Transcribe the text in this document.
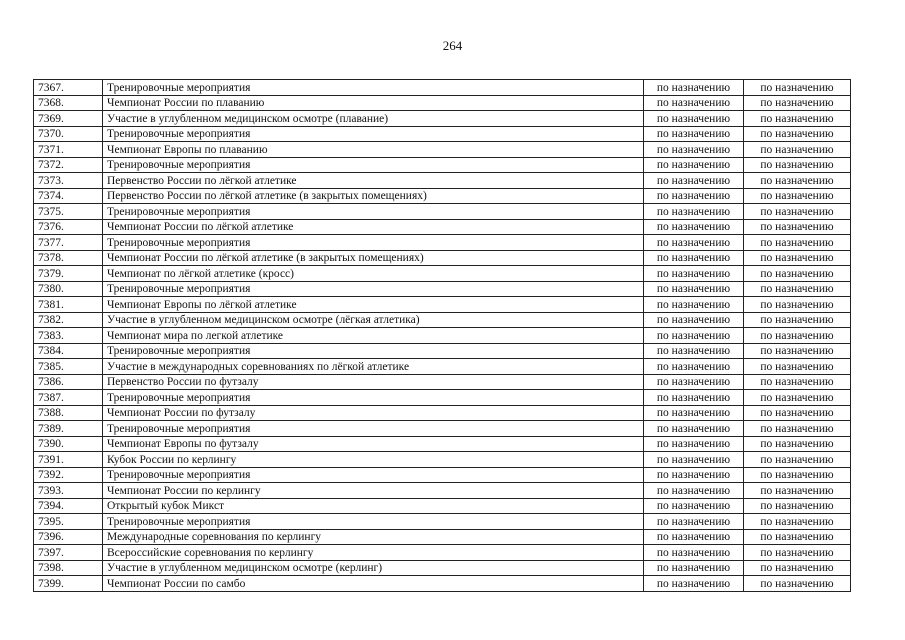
264
7367.	Тренировочные мероприятия	по назначению	по назначению
7368.	Чемпионат России по плаванию	по назначению	по назначению
7369.	Участие в углубленном медицинском осмотре (плавание)	по назначению	по назначению
7370.	Тренировочные мероприятия	по назначению	по назначению
7371.	Чемпионат Европы по плаванию	по назначению	по назначению
7372.	Тренировочные мероприятия	по назначению	по назначению
7373.	Первенство России по лёгкой атлетике	по назначению	по назначению
7374.	Первенство России по лёгкой атлетике (в закрытых помещениях)	по назначению	по назначению
7375.	Тренировочные мероприятия	по назначению	по назначению
7376.	Чемпионат России по лёгкой атлетике	по назначению	по назначению
7377.	Тренировочные мероприятия	по назначению	по назначению
7378.	Чемпионат России по лёгкой атлетике (в закрытых помещениях)	по назначению	по назначению
7379.	Чемпионат по лёгкой атлетике (кросс)	по назначению	по назначению
7380.	Тренировочные мероприятия	по назначению	по назначению
7381.	Чемпионат Европы по лёгкой атлетике	по назначению	по назначению
7382.	Участие в углубленном медицинском осмотре (лёгкая атлетика)	по назначению	по назначению
7383.	Чемпионат мира по легкой атлетике	по назначению	по назначению
7384.	Тренировочные мероприятия	по назначению	по назначению
7385.	Участие в международных соревнованиях по лёгкой атлетике	по назначению	по назначению
7386.	Первенство России по футзалу	по назначению	по назначению
7387.	Тренировочные мероприятия	по назначению	по назначению
7388.	Чемпионат России по футзалу	по назначению	по назначению
7389.	Тренировочные мероприятия	по назначению	по назначению
7390.	Чемпионат Европы по футзалу	по назначению	по назначению
7391.	Кубок России по керлингу	по назначению	по назначению
7392.	Тренировочные мероприятия	по назначению	по назначению
7393.	Чемпионат России по керлингу	по назначению	по назначению
7394.	Открытый кубок Микст	по назначению	по назначению
7395.	Тренировочные мероприятия	по назначению	по назначению
7396.	Международные соревнования по керлингу	по назначению	по назначению
7397.	Всероссийские соревнования по керлингу	по назначению	по назначению
7398.	Участие в углубленном медицинском осмотре (керлинг)	по назначению	по назначению
7399.	Чемпионат России по самбо	по назначению	по назначению
